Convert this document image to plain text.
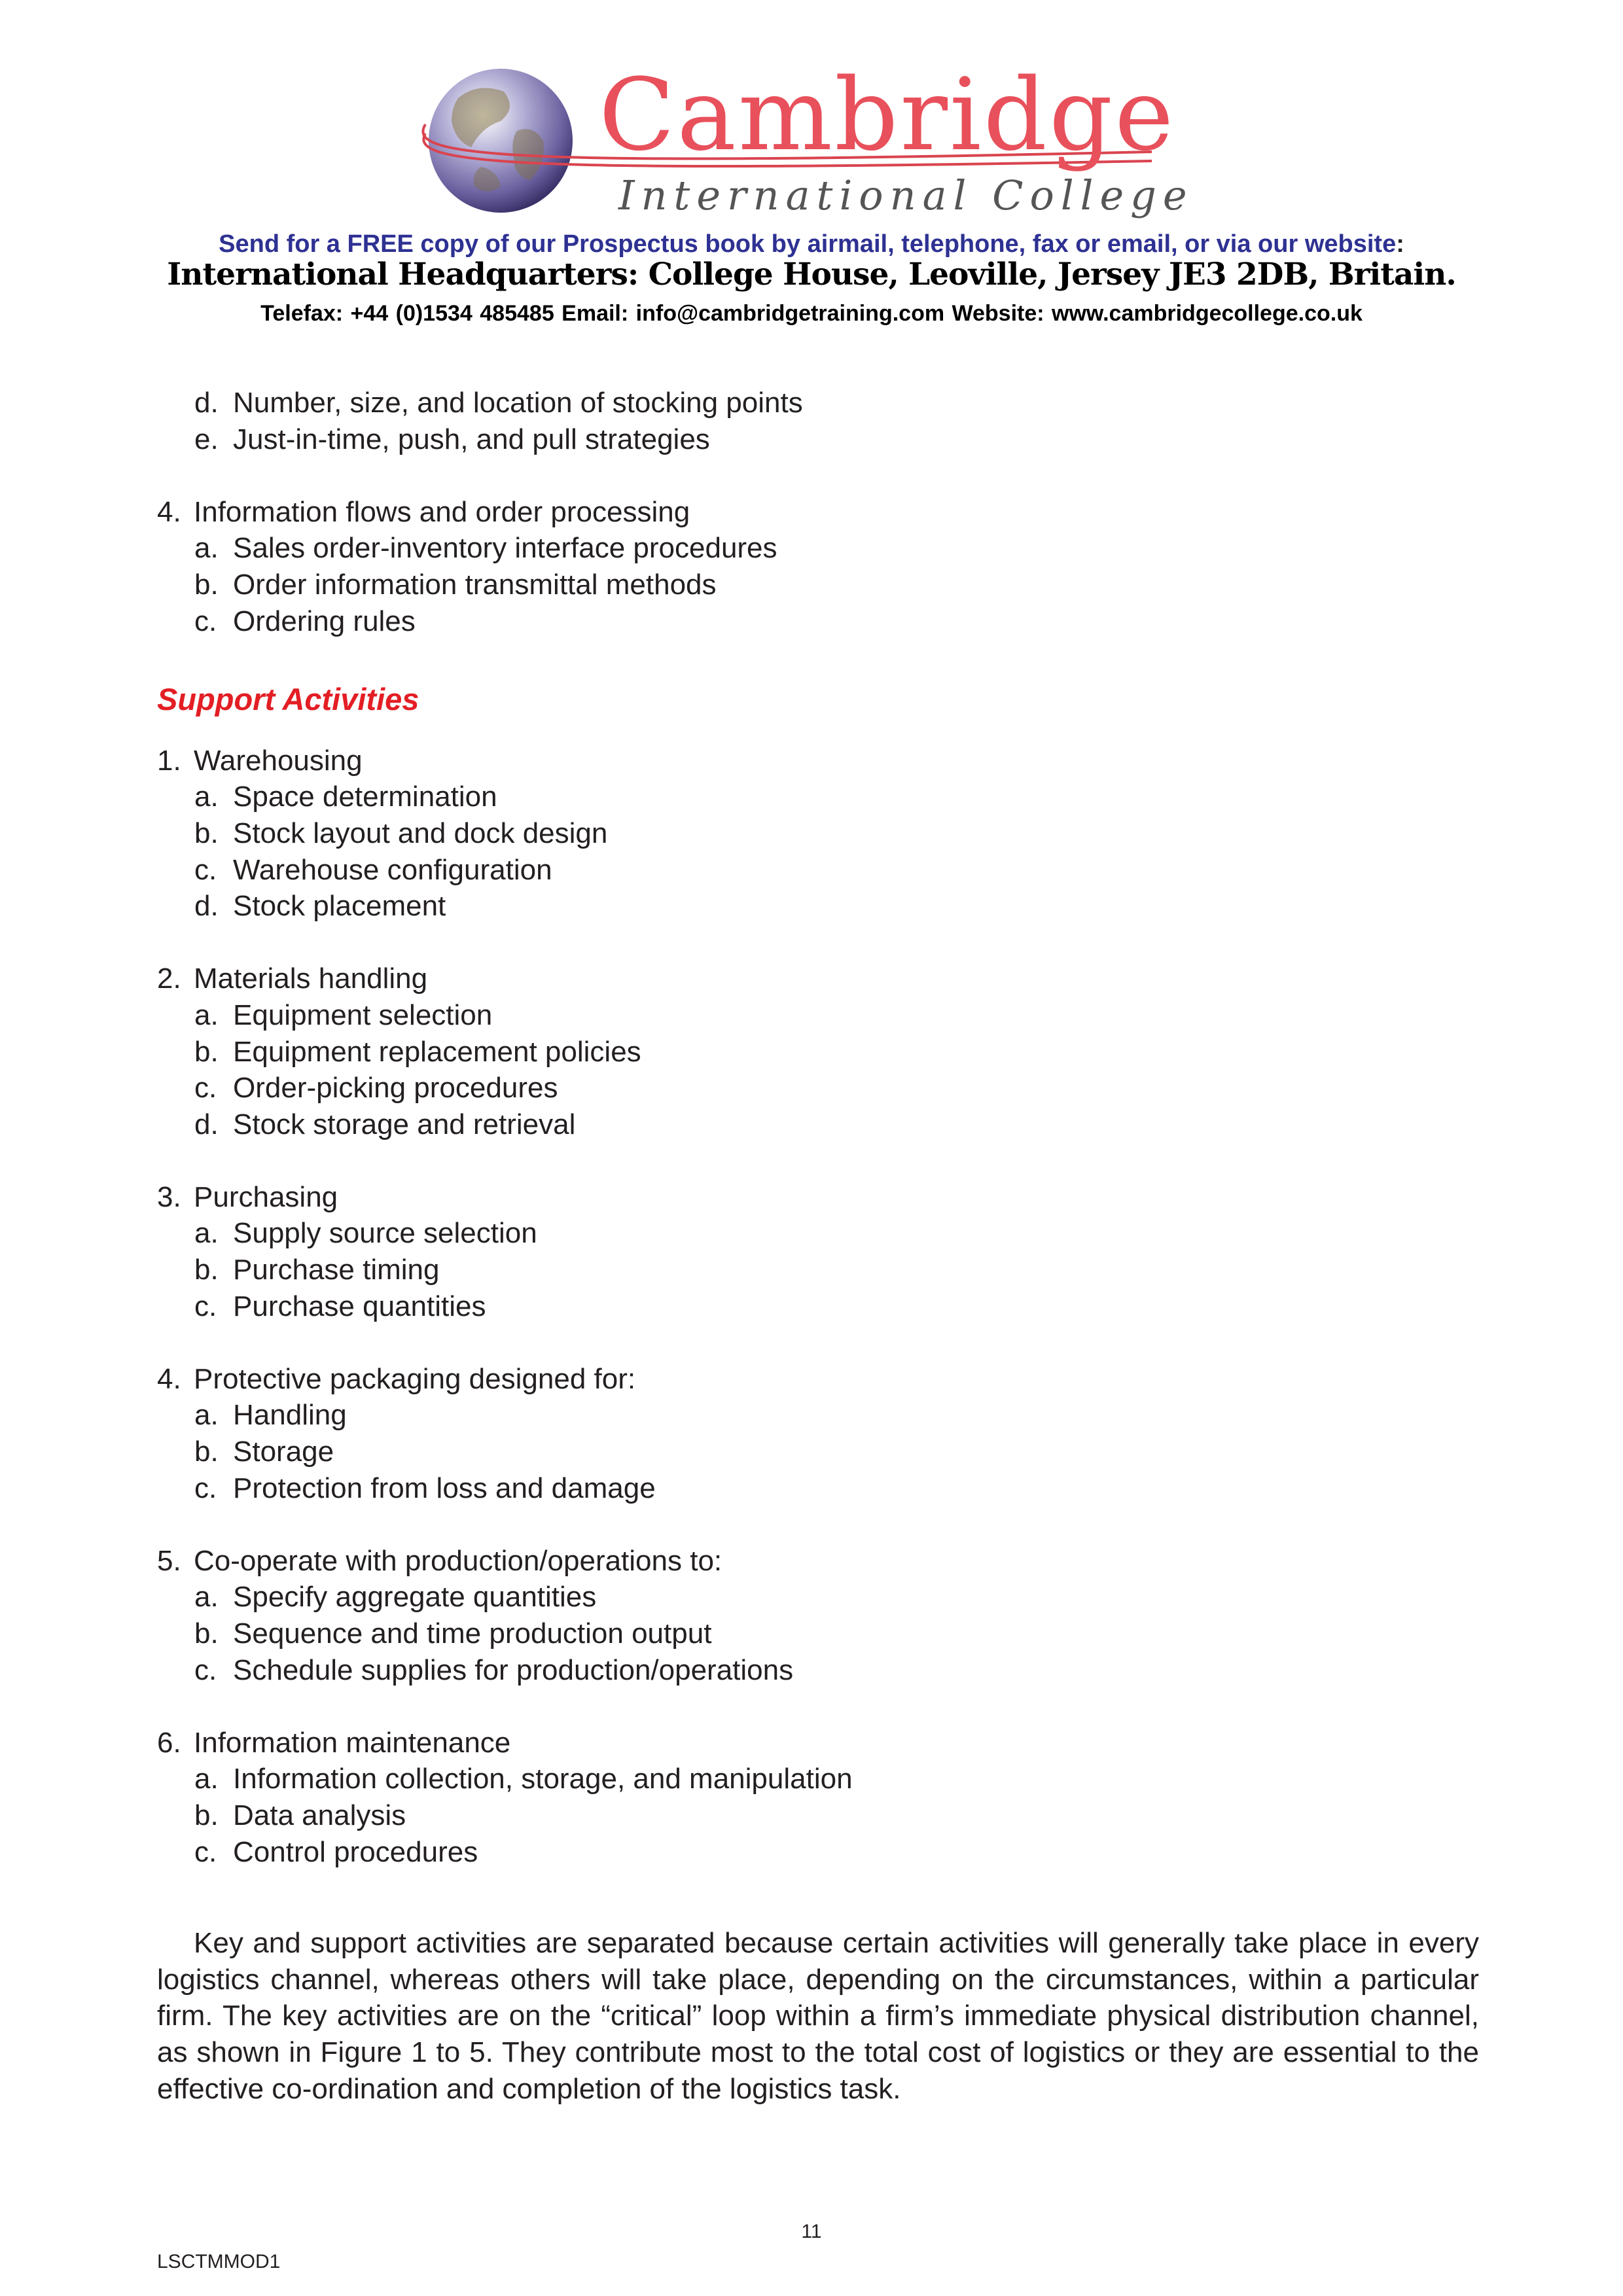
Cambridge
International College
Send for a FREE copy of our Prospectus book by airmail, telephone, fax or email, or via our website:
International Headquarters: College House, Leoville, Jersey JE3 2DB, Britain.
Telefax: +44 (0)1534 485485 Email: info@cambridgetraining.com Website: www.cambridgecollege.co.uk
d. Number, size, and location of stocking points
e. Just-in-time, push, and pull strategies
4. Information flows and order processing
a. Sales order-inventory interface procedures
b. Order information transmittal methods
c. Ordering rules
Support Activities
1. Warehousing
a. Space determination
b. Stock layout and dock design
c. Warehouse configuration
d. Stock placement
2. Materials handling
a. Equipment selection
b. Equipment replacement policies
c. Order-picking procedures
d. Stock storage and retrieval
3. Purchasing
a. Supply source selection
b. Purchase timing
c. Purchase quantities
4. Protective packaging designed for:
a. Handling
b. Storage
c. Protection from loss and damage
5. Co-operate with production/operations to:
a. Specify aggregate quantities
b. Sequence and time production output
c. Schedule supplies for production/operations
6. Information maintenance
a. Information collection, storage, and manipulation
b. Data analysis
c. Control procedures

Key and support activities are separated because certain activities will generally take place in every logistics channel, whereas others will take place, depending on the circumstances, within a particular firm. The key activities are on the “critical” loop within a firm’s immediate physical distribution channel, as shown in Figure 1 to 5. They contribute most to the total cost of logistics or they are essential to the effective co-ordination and completion of the logistics task.

11
LSCTMMOD1
